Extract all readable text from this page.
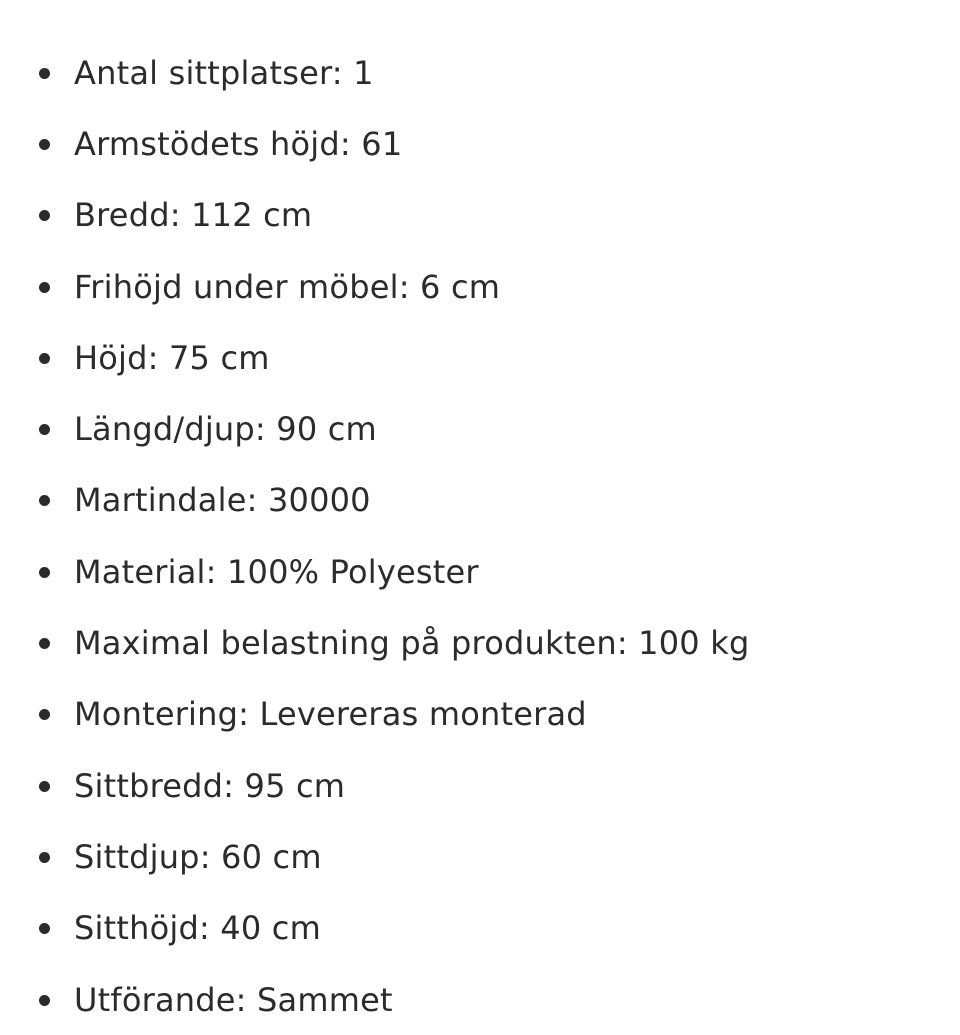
Antal sittplatser: 1
Armstödets höjd: 61
Bredd: 112 cm
Frihöjd under möbel: 6 cm
Höjd: 75 cm
Längd/djup: 90 cm
Martindale: 30000
Material: 100% Polyester
Maximal belastning på produkten: 100 kg
Montering: Levereras monterad
Sittbredd: 95 cm
Sittdjup: 60 cm
Sitthöjd: 40 cm
Utförande: Sammet
